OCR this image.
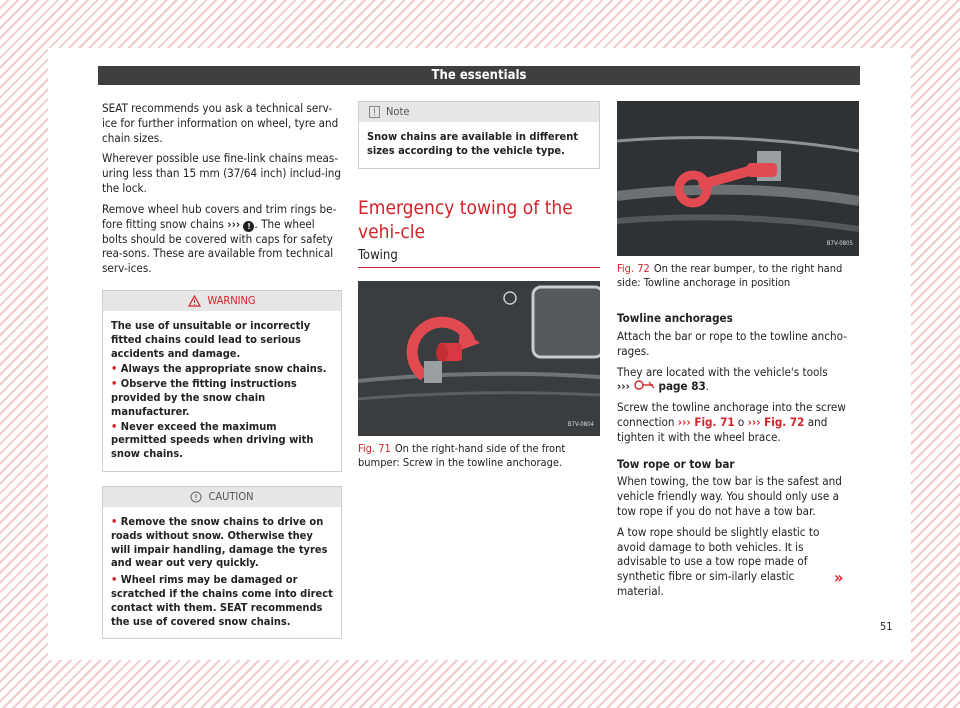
The essentials

SEAT recommends you ask a technical serv-ice for further information on wheel, tyre and chain sizes.

Wherever possible use fine-link chains meas-uring less than 15 mm (37/64 inch) includ-ing the lock.

Remove wheel hub covers and trim rings be-fore fitting snow chains ››› ! . The wheel bolts should be covered with caps for safety rea-sons. These are available from technical serv-ices.

WARNING
The use of unsuitable or incorrectly fitted chains could lead to serious accidents and damage.
• Always the appropriate snow chains.
• Observe the fitting instructions provided by the snow chain manufacturer.
• Never exceed the maximum permitted speeds when driving with snow chains.
CAUTION
• Remove the snow chains to drive on roads without snow. Otherwise they will impair handling, damage the tyres and wear out very quickly.
• Wheel rims may be damaged or scratched if the chains come into direct contact with them. SEAT recommends the use of covered snow chains.
Note
Snow chains are available in different sizes according to the vehicle type.
Emergency towing of the vehi-cle
Towing
B7V-0804
Fig. 71 On the right-hand side of the front bumper: Screw in the towline anchorage.
B7V-0805
Fig. 72 On the rear bumper, to the right hand side: Towline anchorage in position

Towline anchorages

Attach the bar or rope to the towline ancho-rages.

They are located with the vehicle's tools
››› page 83.

Screw the towline anchorage into the screw connection ››› Fig. 71 o ››› Fig. 72 and tighten it with the wheel brace.

Tow rope or tow bar

When towing, the tow bar is the safest and vehicle friendly way. You should only use a tow rope if you do not have a tow bar.

A tow rope should be slightly elastic to avoid damage to both vehicles. It is advisable to use a tow rope made of synthetic fibre or sim-ilarly elastic material.

»
51
